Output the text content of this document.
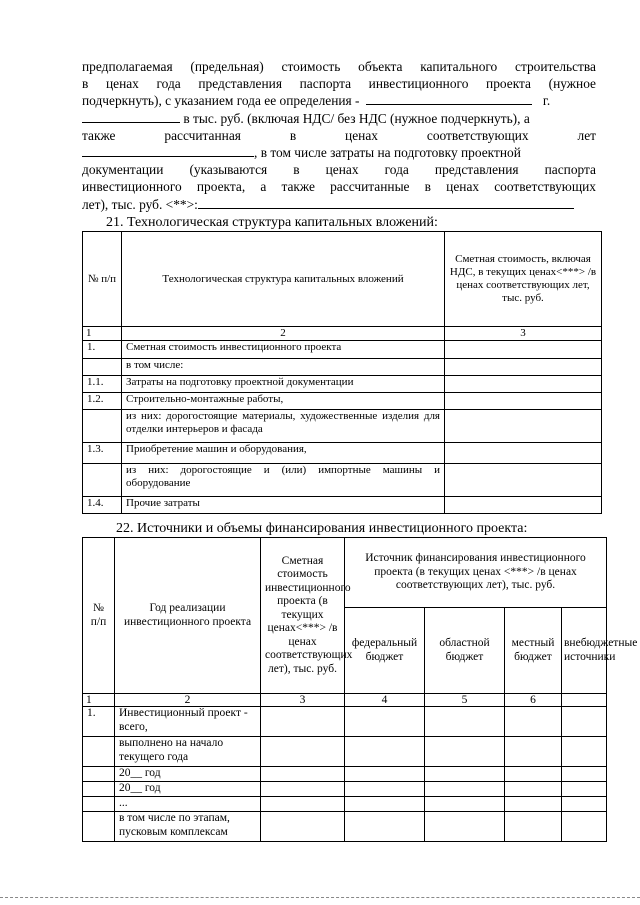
предполагаемая (предельная) стоимость объекта капитального строительства
в ценах года представления паспорта инвестиционного проекта (нужное
подчеркнуть), с указанием года ее определения -	г.
в тыс. руб. (включая НДС/ без НДС (нужное подчеркнуть), а
также рассчитанная в ценах соответствующих лет
, в том числе затраты на подготовку проектной
документации (указываются в ценах года представления паспорта
инвестиционного проекта, а также рассчитанные в ценах соответствующих
лет), тыс. руб. <**>:
21. Технологическая структура капитальных вложений:
№ п/п	Технологическая структура капитальных вложений	Сметная стоимость, включая НДС, в текущих ценах<***> /в ценах соответствующих лет, тыс. руб.
1	2	3
1.	Сметная стоимость инвестиционного проекта	
	в том числе:	
1.1.	Затраты на подготовку проектной документации	
1.2.	Строительно-монтажные работы,	
	из них: дорогостоящие материалы, художественные изделия для отделки интерьеров и фасада	
1.3.	Приобретение машин и оборудования,	
	из них: дорогостоящие и (или) импортные машины и оборудование	
1.4.	Прочие затраты	
22. Источники и объемы финансирования инвестиционного проекта:
№ п/п	Год реализации инвестиционного проекта	Сметная стоимость инвестиционного проекта (в текущих ценах<***> /в ценах соответствующих лет), тыс. руб.	Источник финансирования инвестиционного проекта (в текущих ценах <***> /в ценах соответствующих лет), тыс. руб.			
			федеральный бюджет	областной бюджет	местный бюджет	внебюджетные источники
1	2	3	4	5	6	
1.	Инвестиционный проект - всего,					
	выполнено на начало текущего года					
	20__ год					
	20__ год					
	...					
	в том числе по этапам, пусковым комплексам					
